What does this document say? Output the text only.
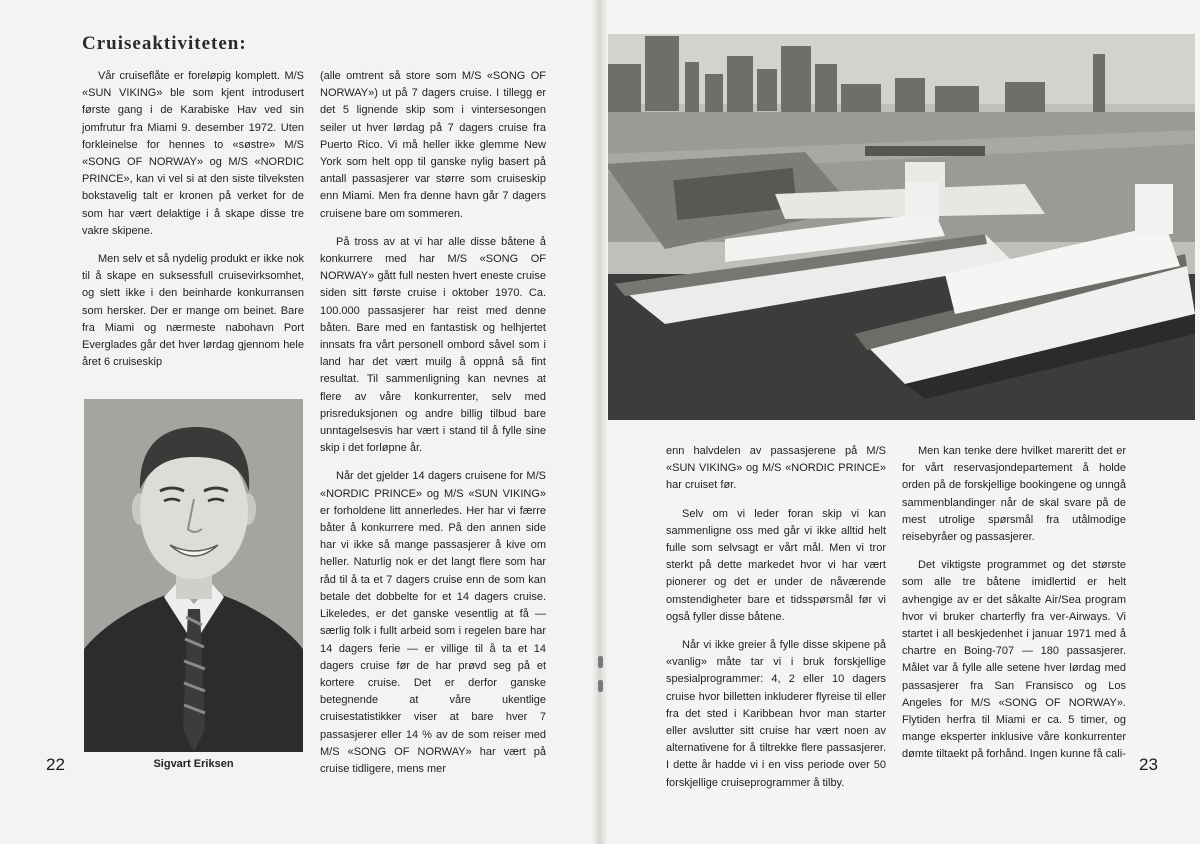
Cruiseaktiviteten:

Vår cruiseflåte er foreløpig komplett. M/S «SUN VIKING» ble som kjent introdusert første gang i de Karabiske Hav ved sin jomfrutur fra Miami 9. desember 1972. Uten forkleinelse for hennes to «søstre» M/S «SONG OF NORWAY» og M/S «NORDIC PRINCE», kan vi vel si at den siste tilveksten bokstavelig talt er kronen på verket for de som har vært delaktige i å skape disse tre vakre skipene.

Men selv et så nydelig produkt er ikke nok til å skape en suksessfull cruisevirksomhet, og slett ikke i den beinharde konkurransen som hersker. Der er mange om beinet. Bare fra Miami og nærmeste nabohavn Port Everglades går det hver lørdag gjennom hele året 6 cruiseskip

(alle omtrent så store som M/S «SONG OF NORWAY») ut på 7 dagers cruise. I tillegg er det 5 lignende skip som i vintersesongen seiler ut hver lørdag på 7 dagers cruise fra Puerto Rico. Vi må heller ikke glemme New York som helt opp til ganske nylig basert på antall passasjerer var større som cruiseskip enn Miami. Men fra denne havn går 7 dagers cruisene bare om sommeren.

På tross av at vi har alle disse båtene å konkurrere med har M/S «SONG OF NORWAY» gått full nesten hvert eneste cruise siden sitt første cruise i oktober 1970. Ca. 100.000 passasjerer har reist med denne båten. Bare med en fantastisk og helhjertet innsats fra vårt personell ombord såvel som i land har det vært muilg å oppnå så fint resultat. Til sammenligning kan nevnes at flere av våre konkurrenter, selv med prisreduksjonen og andre billig tilbud bare unntagelsesvis har vært i stand til å fylle sine skip i det forløpne år.

Når det gjelder 14 dagers cruisene for M/S «NORDIC PRINCE» og M/S «SUN VIKING» er forholdene litt annerledes. Her har vi færre båter å konkurrere med. På den annen side har vi ikke så mange passasjerer å kive om heller. Naturlig nok er det langt flere som har råd til å ta et 7 dagers cruise enn de som kan betale det dobbelte for et 14 dagers cruise. Likeledes, er det ganske vesentlig at få — særlig folk i fullt arbeid som i regelen bare har 14 dagers ferie — er villige til å ta et 14 dagers cruise før de har prøvd seg på et kortere cruise. Det er derfor ganske betegnende at våre ukentlige cruisestatistikker viser at bare hver 7 passasjerer eller 14 % av de som reiser med M/S «SONG OF NORWAY» har vært på cruise tidligere, mens mer

Sigvart Eriksen
22

enn halvdelen av passasjerene på M/S «SUN VIKING» og M/S «NORDIC PRINCE» har cruiset før.

Selv om vi leder foran skip vi kan sammenligne oss med går vi ikke alltid helt fulle som selvsagt er vårt mål. Men vi tror sterkt på dette markedet hvor vi har vært pionerer og det er under de nåværende omstendigheter bare et tidsspørsmål før vi også fyller disse båtene.

Når vi ikke greier å fylle disse skipene på «vanlig» måte tar vi i bruk forskjellige spesialprogrammer: 4, 2 eller 10 dagers cruise hvor billetten inkluderer flyreise til eller fra det sted i Karibbean hvor man starter eller avslutter sitt cruise har vært noen av alternativene for å tiltrekke flere passasjerer. I dette år hadde vi i en viss periode over 50 forskjellige cruiseprogrammer å tilby.

Men kan tenke dere hvilket mareritt det er for vårt reservasjondepartement å holde orden på de forskjellige bookingene og unngå sammenblandinger når de skal svare på de mest utrolige spørsmål fra utålmodige reisebyråer og passasjerer.

Det viktigste programmet og det største som alle tre båtene imidlertid er helt avhengige av er det såkalte Air/Sea program hvor vi bruker charterfly fra ver-Airways. Vi startet i all beskjedenhet i januar 1971 med å chartre en Boing-707 — 180 passasjerer. Målet var å fylle alle setene hver lørdag med passasjerer fra San Fransisco og Los Angeles for M/S «SONG OF NORWAY». Flytiden herfra til Miami er ca. 5 timer, og mange eksperter inklusive våre konkurrenter dømte tiltaekt på forhånd. Ingen kunne få cali-

23
